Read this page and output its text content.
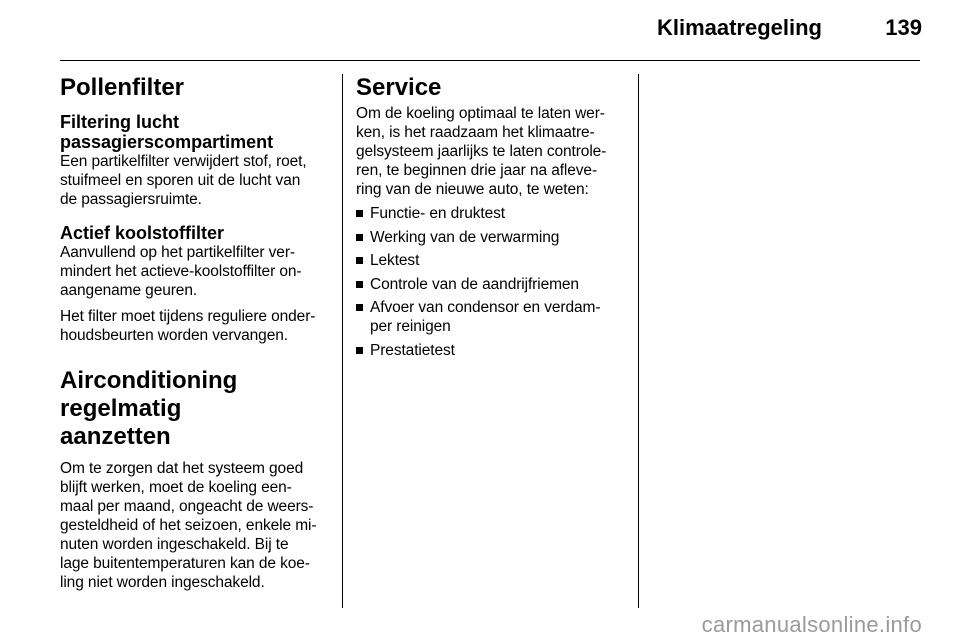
Klimaatregeling	139
Pollenfilter
Filtering lucht
passagierscompartiment

Een partikelfilter verwijdert stof, roet,
stuifmeel en sporen uit de lucht van
de passagiersruimte.

Actief koolstoffilter

Aanvullend op het partikelfilter ver-
mindert het actieve-koolstoffilter on-
aangename geuren.

Het filter moet tijdens reguliere onder-
houdsbeurten worden vervangen.

Airconditioning regelmatig
aanzetten

Om te zorgen dat het systeem goed
blijft werken, moet de koeling een-
maal per maand, ongeacht de weers-
gesteldheid of het seizoen, enkele mi-
nuten worden ingeschakeld. Bij te
lage buitentemperaturen kan de koe-
ling niet worden ingeschakeld.

Service

Om de koeling optimaal te laten wer-
ken, is het raadzaam het klimaatre-
gelsysteem jaarlijks te laten controle-
ren, te beginnen drie jaar na afleve-
ring van de nieuwe auto, te weten:

Functie- en druktest
Werking van de verwarming
Lektest
Controle van de aandrijfriemen
Afvoer van condensor en verdam-
per reinigen
Prestatietest
carmanualsonline.info
